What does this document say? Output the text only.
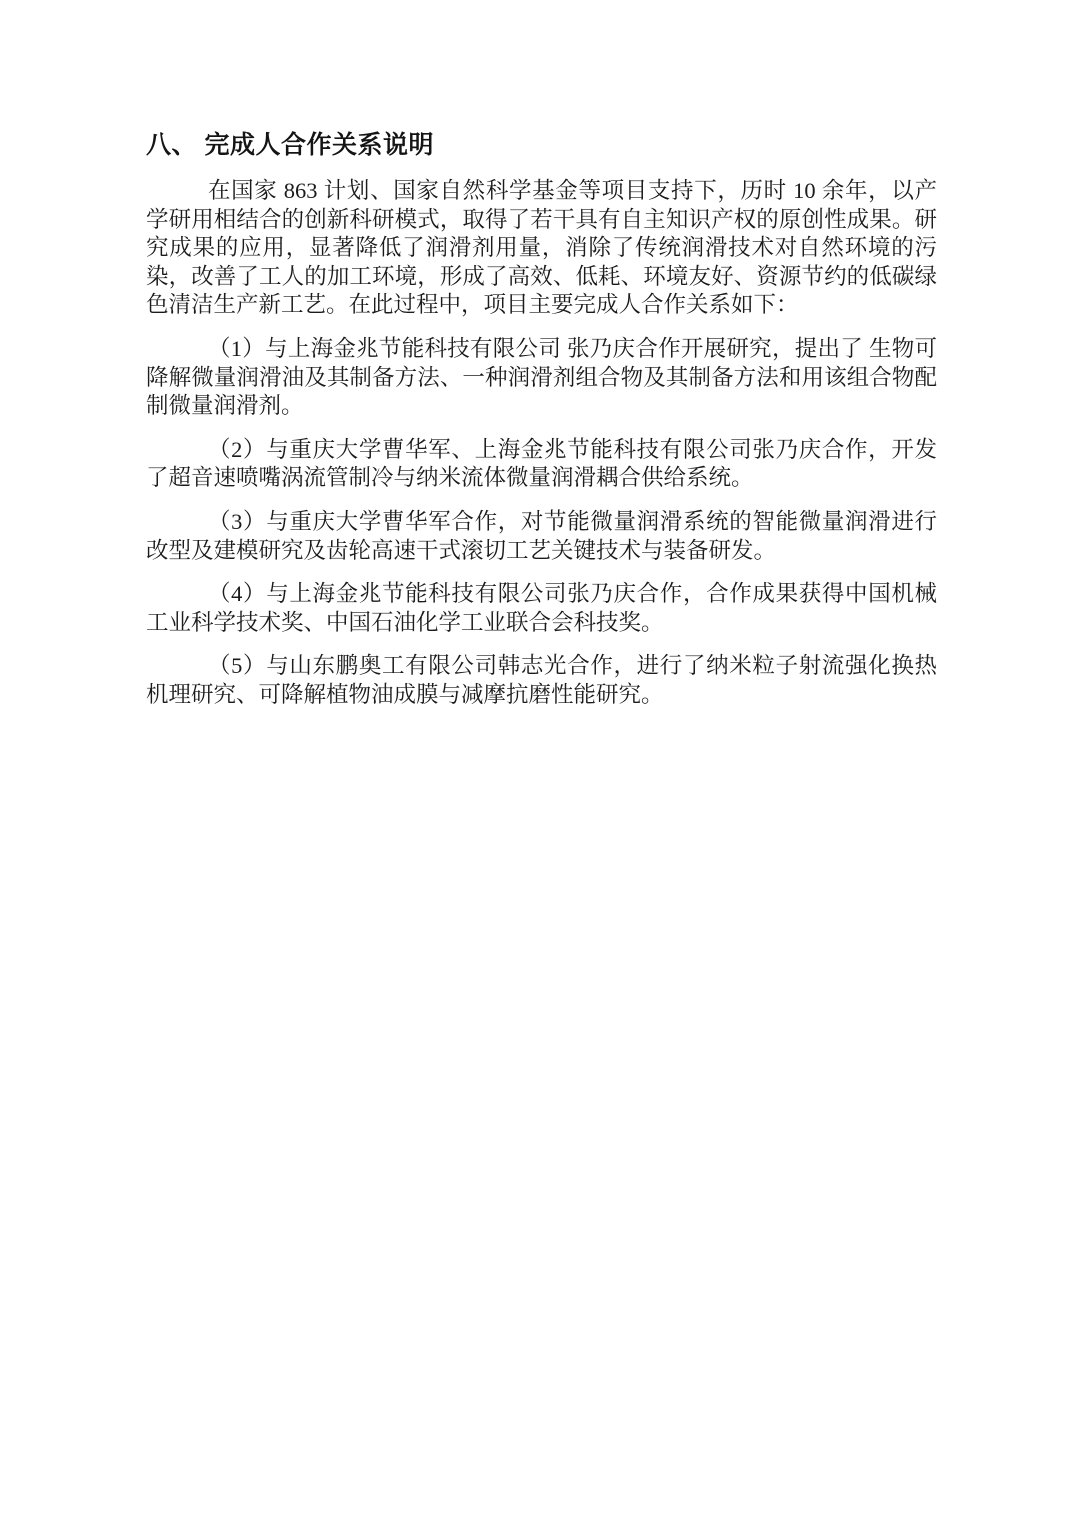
八、 完成人合作关系说明

在国家 863 计划、国家自然科学基金等项目支持下，历时 10 余年，以产学研用相结合的创新科研模式，取得了若干具有自主知识产权的原创性成果。研究成果的应用，显著降低了润滑剂用量，消除了传统润滑技术对自然环境的污染，改善了工人的加工环境，形成了高效、低耗、环境友好、资源节约的低碳绿色清洁生产新工艺。在此过程中，项目主要完成人合作关系如下：

（1）与上海金兆节能科技有限公司 张乃庆合作开展研究，提出了 生物可降解微量润滑油及其制备方法、一种润滑剂组合物及其制备方法和用该组合物配制微量润滑剂。

（2）与重庆大学曹华军、上海金兆节能科技有限公司张乃庆合作，开发了超音速喷嘴涡流管制冷与纳米流体微量润滑耦合供给系统。

（3）与重庆大学曹华军合作，对节能微量润滑系统的智能微量润滑进行改型及建模研究及齿轮高速干式滚切工艺关键技术与装备研发。

（4）与上海金兆节能科技有限公司张乃庆合作，合作成果获得中国机械工业科学技术奖、中国石油化学工业联合会科技奖。

（5）与山东鹏奥工有限公司韩志光合作，进行了纳米粒子射流强化换热机理研究、可降解植物油成膜与减摩抗磨性能研究。
